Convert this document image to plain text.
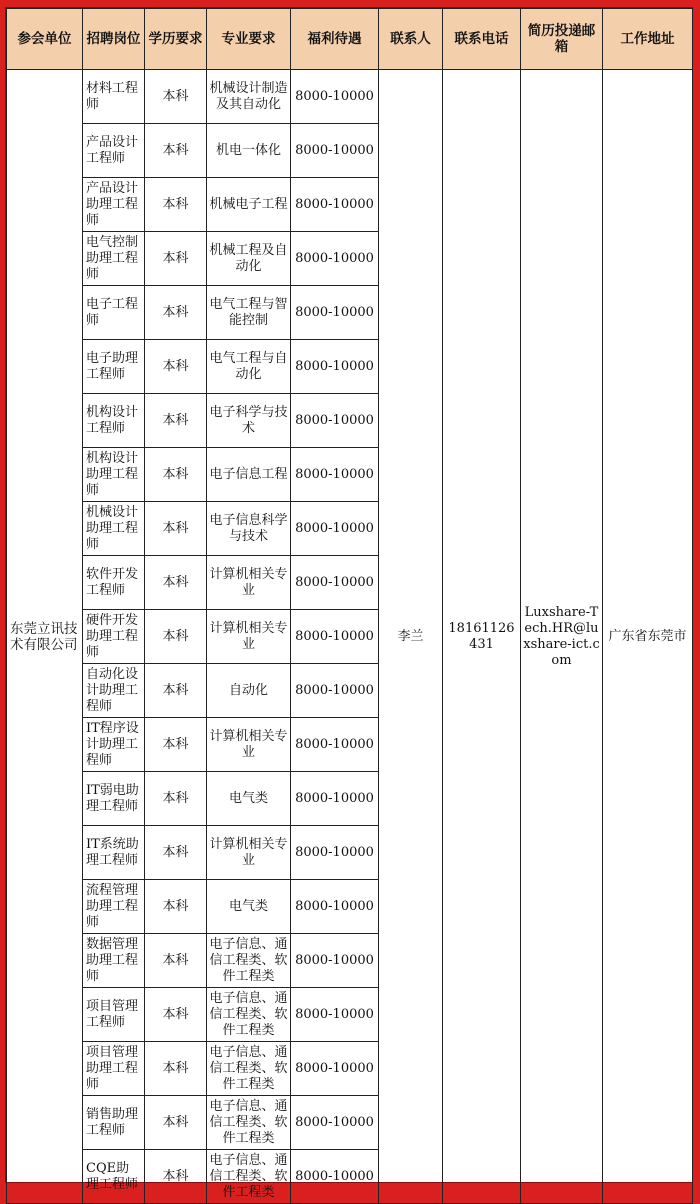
参会单位	招聘岗位	学历要求	专业要求	福利待遇	联系人	联系电话	简历投递邮箱	工作地址
东莞立讯技术有限公司	材料工程师	本科	机械设计制造及其自动化	8000-10000	李兰	18161126431	Luxshare-Tech.HR@luxshare-ict.com	广东省东莞市
	产品设计工程师	本科	机电一体化	8000-10000				
	产品设计助理工程师	本科	机械电子工程	8000-10000				
	电气控制助理工程师	本科	机械工程及自动化	8000-10000				
	电子工程师	本科	电气工程与智能控制	8000-10000				
	电子助理工程师	本科	电气工程与自动化	8000-10000				
	机构设计工程师	本科	电子科学与技术	8000-10000				
	机构设计助理工程师	本科	电子信息工程	8000-10000				
	机械设计助理工程师	本科	电子信息科学与技术	8000-10000				
	软件开发工程师	本科	计算机相关专业	8000-10000				
	硬件开发助理工程师	本科	计算机相关专业	8000-10000				
	自动化设计助理工程师	本科	自动化	8000-10000				
	IT程序设计助理工程师	本科	计算机相关专业	8000-10000				
	IT弱电助理工程师	本科	电气类	8000-10000				
	IT系统助理工程师	本科	计算机相关专业	8000-10000				
	流程管理助理工程师	本科	电气类	8000-10000				
	数据管理助理工程师	本科	电子信息、通信工程类、软件工程类	8000-10000				
	项目管理工程师	本科	电子信息、通信工程类、软件工程类	8000-10000				
	项目管理助理工程师	本科	电子信息、通信工程类、软件工程类	8000-10000				
	销售助理工程师	本科	电子信息、通信工程类、软件工程类	8000-10000				
	CQE助理工程师	本科	电子信息、通信工程类、软件工程类	8000-10000				
